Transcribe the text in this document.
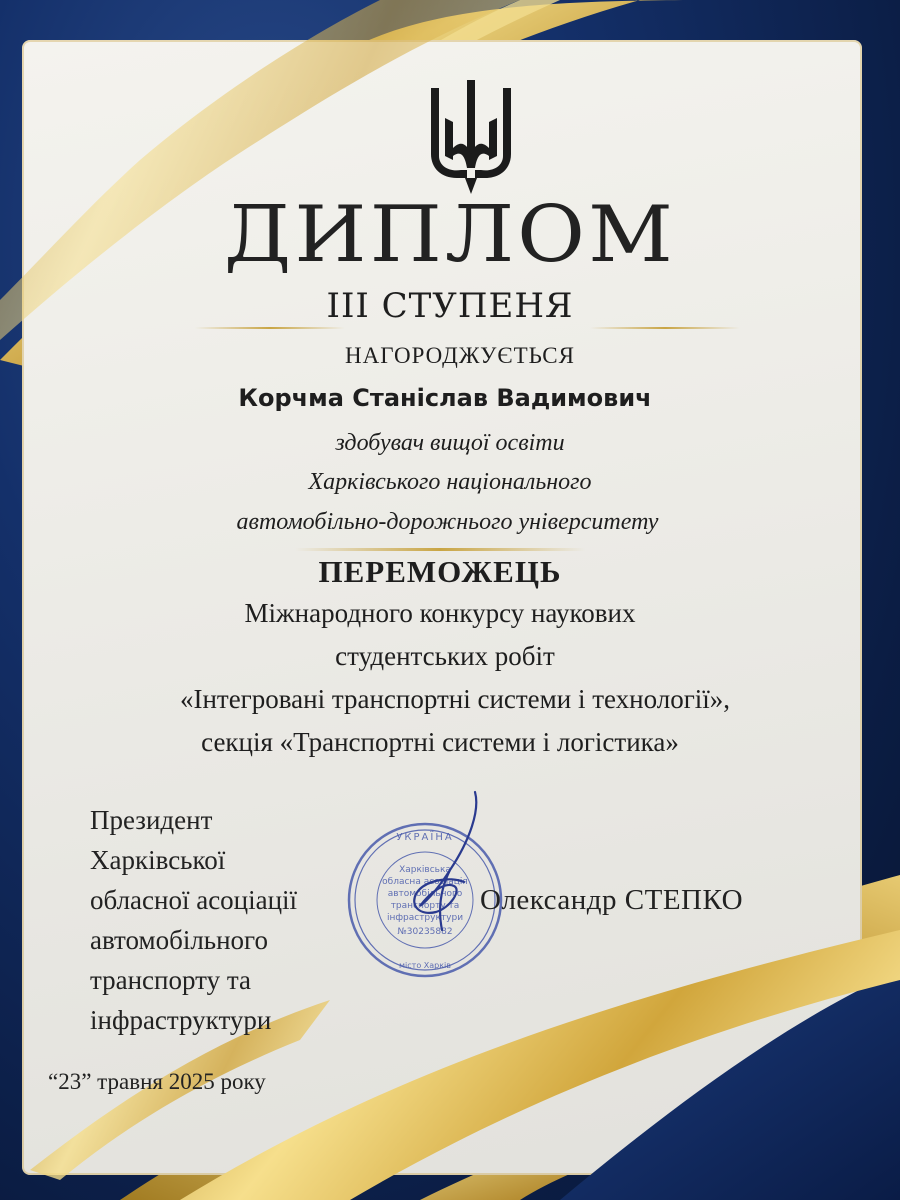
ДИПЛОМ
ІІІ СТУПЕНЯ
НАГОРОДЖУЄТЬСЯ
Корчма Станіслав Вадимович
здобувач вищої освіти
Харківського національного
автомобільно-дорожнього університету
ПЕРЕМОЖЕЦЬ
Міжнародного конкурсу наукових
студентських робіт
«Інтегровані транспортні системи і технології»,
секція «Транспортні системи і логістика»
Президент
Харківської
обласної асоціації
автомобільного
транспорту та
інфраструктури
УКРАЇНА
Харківська
обласна асоціація
автомобільного
транспорту та
інфраструктури
№30235882
місто Харків
Олександр СТЕПКО
“23” травня 2025 року
